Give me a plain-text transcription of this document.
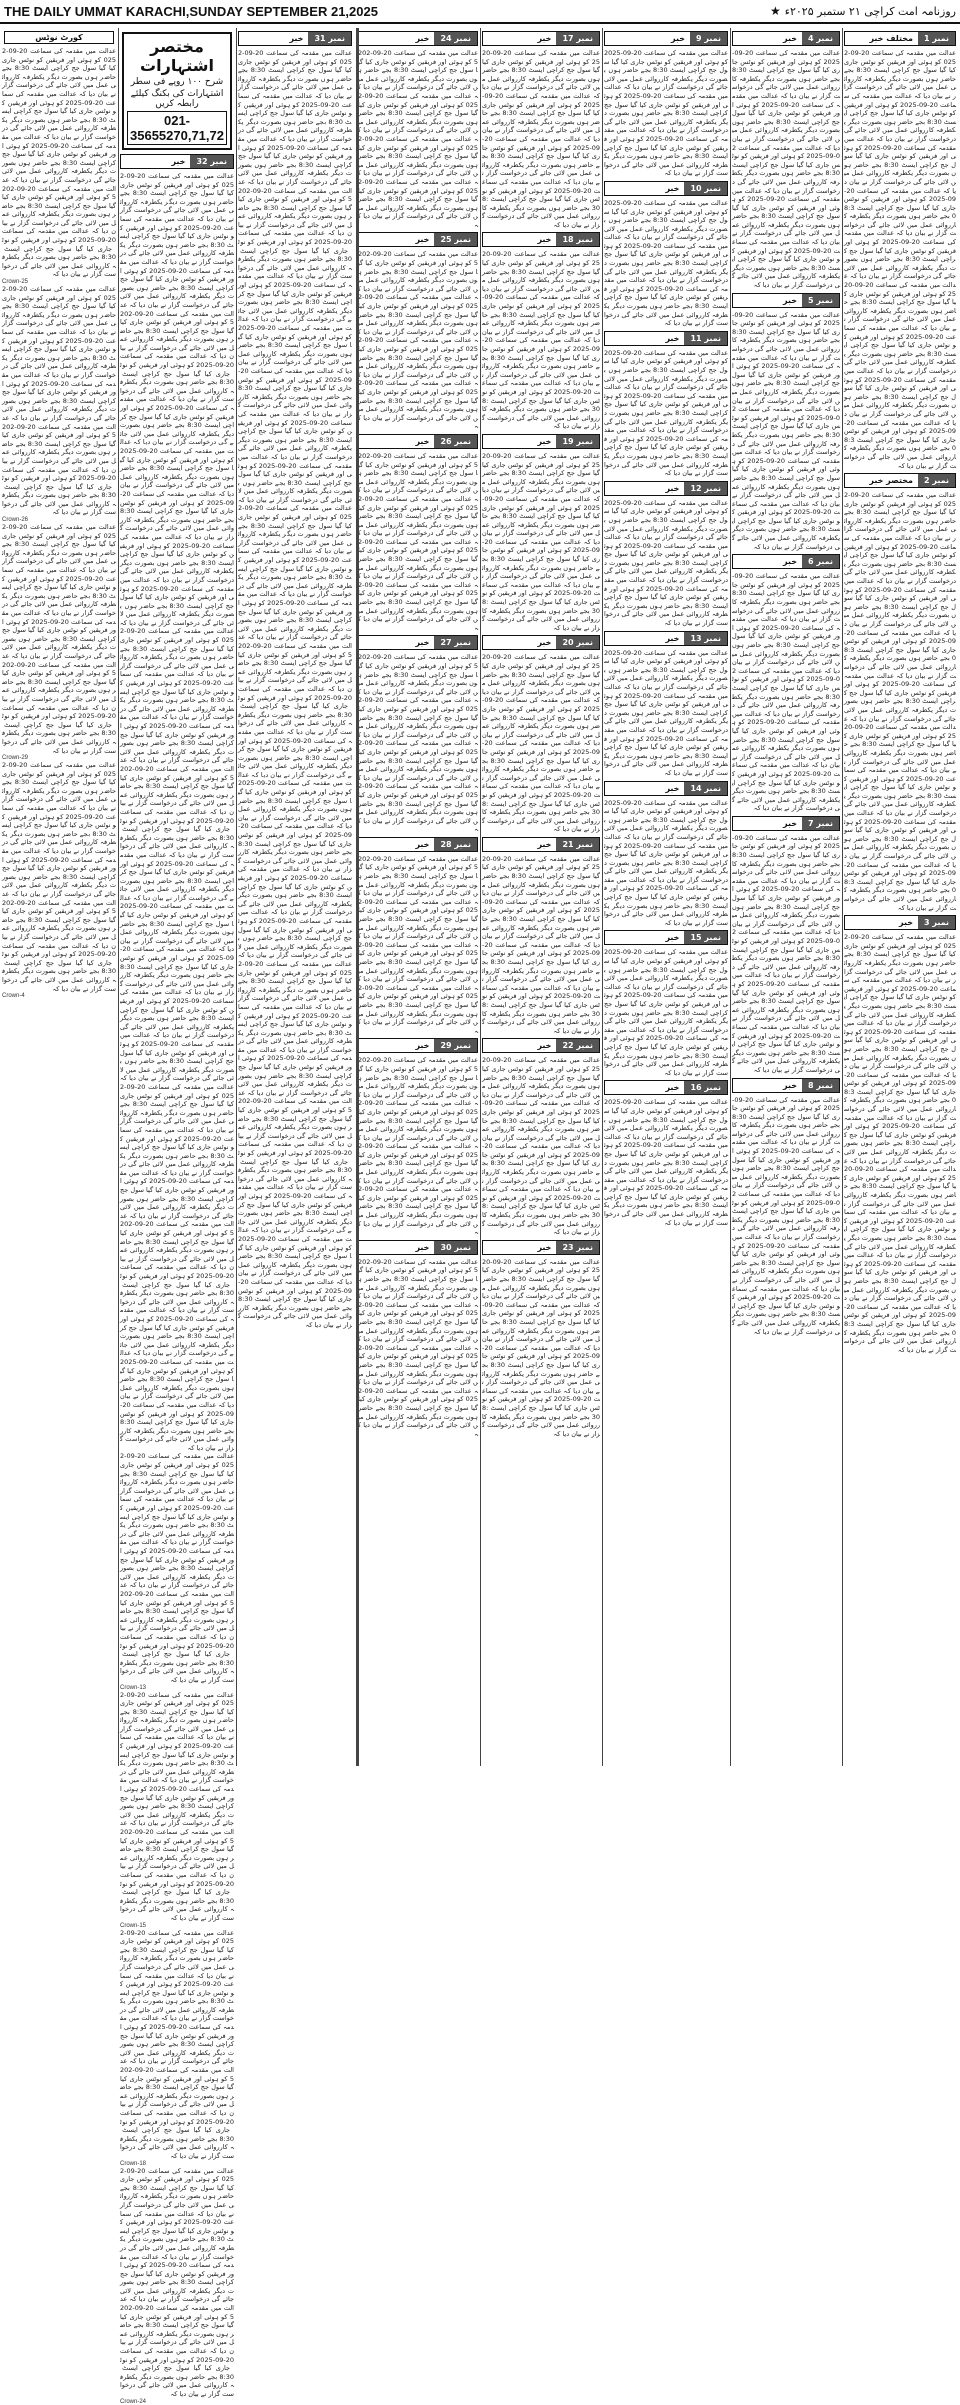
THE DAILY UMMAT KARACHI,SUNDAY SEPTEMBER 21,2025	روزنامہ امت کراچی ۲۱ ستمبر ۲۰۲۵ء
★
نمبر 1
مختلف خبر
عدالت میں مقدمہ کی سماعت 20-09-2025 کو ہوئی اور فریقین کو نوٹس جاری کیا گیا سول جج کراچی ایسٹ 8:30 بجے حاضر ہوں بصورت دیگر یکطرفہ کارروائی عمل میں لائی جائے گی درخواست گزار نے بیان دیا کہ عدالت میں مقدمہ کی سماعت 20-09-2025 کو ہوئی اور فریقین کو نوٹس جاری کیا گیا سول جج کراچی ایسٹ 8:30 بجے حاضر ہوں بصورت دیگر یکطرفہ کارروائی عمل میں لائی جائے گی درخواست گزار نے بیان دیا کہ عدالت میں مقدمہ کی سماعت 20-09-2025 کو ہوئی اور فریقین کو نوٹس جاری کیا گیا سول جج کراچی ایسٹ 8:30 بجے حاضر ہوں بصورت دیگر یکطرفہ کارروائی عمل میں لائی جائے گی درخواست گزار نے بیان دیا کہ عدالت میں مقدمہ کی سماعت 20-09-2025 کو ہوئی اور فریقین کو نوٹس جاری کیا گیا سول جج کراچی ایسٹ 8:30 بجے حاضر ہوں بصورت دیگر یکطرفہ کارروائی عمل میں لائی جائے گی درخواست گزار نے بیان دیا کہ عدالت میں مقدمہ کی سماعت 20-09-2025 کو ہوئی اور فریقین کو نوٹس جاری کیا گیا سول جج کراچی ایسٹ 8:30 بجے حاضر ہوں بصورت دیگر یکطرفہ کارروائی عمل میں لائی جائے گی درخواست گزار نے بیان دیا کہ عدالت میں مقدمہ کی سماعت 20-09-2025 کو ہوئی اور فریقین کو نوٹس جاری کیا گیا سول جج کراچی ایسٹ 8:30 بجے حاضر ہوں بصورت دیگر یکطرفہ کارروائی عمل میں لائی جائے گی درخواست گزار نے بیان دیا کہ عدالت میں مقدمہ کی سماعت 20-09-2025 کو ہوئی اور فریقین کو نوٹس جاری کیا گیا سول جج کراچی ایسٹ 8:30 بجے حاضر ہوں بصورت دیگر یکطرفہ کارروائی عمل میں لائی جائے گی درخواست گزار نے بیان دیا کہ عدالت میں مقدمہ کی سماعت 20-09-2025 کو ہوئی اور فریقین کو نوٹس جاری کیا گیا سول جج کراچی ایسٹ 8:30 بجے حاضر ہوں بصورت دیگر یکطرفہ کارروائی عمل میں لائی جائے گی درخواست گزار نے بیان دیا کہ عدالت میں مقدمہ کی سماعت 20-09-2025 کو ہوئی اور فریقین کو نوٹس جاری کیا گیا سول جج کراچی ایسٹ 8:30 بجے حاضر ہوں بصورت دیگر یکطرفہ کارروائی عمل میں لائی جائے گی درخواست گزار نے بیان دیا کہ
نمبر 2
مختصر خبر
عدالت میں مقدمہ کی سماعت 20-09-2025 کو ہوئی اور فریقین کو نوٹس جاری کیا گیا سول جج کراچی ایسٹ 8:30 بجے حاضر ہوں بصورت دیگر یکطرفہ کارروائی عمل میں لائی جائے گی درخواست گزار نے بیان دیا کہ عدالت میں مقدمہ کی سماعت 20-09-2025 کو ہوئی اور فریقین کو نوٹس جاری کیا گیا سول جج کراچی ایسٹ 8:30 بجے حاضر ہوں بصورت دیگر یکطرفہ کارروائی عمل میں لائی جائے گی درخواست گزار نے بیان دیا کہ عدالت میں مقدمہ کی سماعت 20-09-2025 کو ہوئی اور فریقین کو نوٹس جاری کیا گیا سول جج کراچی ایسٹ 8:30 بجے حاضر ہوں بصورت دیگر یکطرفہ کارروائی عمل میں لائی جائے گی درخواست گزار نے بیان دیا کہ عدالت میں مقدمہ کی سماعت 20-09-2025 کو ہوئی اور فریقین کو نوٹس جاری کیا گیا سول جج کراچی ایسٹ 8:30 بجے حاضر ہوں بصورت دیگر یکطرفہ کارروائی عمل میں لائی جائے گی درخواست گزار نے بیان دیا کہ عدالت میں مقدمہ کی سماعت 20-09-2025 کو ہوئی اور فریقین کو نوٹس جاری کیا گیا سول جج کراچی ایسٹ 8:30 بجے حاضر ہوں بصورت دیگر یکطرفہ کارروائی عمل میں لائی جائے گی درخواست گزار نے بیان دیا کہ عدالت میں مقدمہ کی سماعت 20-09-2025 کو ہوئی اور فریقین کو نوٹس جاری کیا گیا سول جج کراچی ایسٹ 8:30 بجے حاضر ہوں بصورت دیگر یکطرفہ کارروائی عمل میں لائی جائے گی درخواست گزار نے بیان دیا کہ عدالت میں مقدمہ کی سماعت 20-09-2025 کو ہوئی اور فریقین کو نوٹس جاری کیا گیا سول جج کراچی ایسٹ 8:30 بجے حاضر ہوں بصورت دیگر یکطرفہ کارروائی عمل میں لائی جائے گی درخواست گزار نے بیان دیا کہ عدالت میں مقدمہ کی سماعت 20-09-2025 کو ہوئی اور فریقین کو نوٹس جاری کیا گیا سول جج کراچی ایسٹ 8:30 بجے حاضر ہوں بصورت دیگر یکطرفہ کارروائی عمل میں لائی جائے گی درخواست گزار نے بیان دیا کہ عدالت میں مقدمہ کی سماعت 20-09-2025 کو ہوئی اور فریقین کو نوٹس جاری کیا گیا سول جج کراچی ایسٹ 8:30 بجے حاضر ہوں بصورت دیگر یکطرفہ کارروائی عمل میں لائی جائے گی درخواست گزار نے بیان دیا کہ
نمبر 3
خبر
عدالت میں مقدمہ کی سماعت 20-09-2025 کو ہوئی اور فریقین کو نوٹس جاری کیا گیا سول جج کراچی ایسٹ 8:30 بجے حاضر ہوں بصورت دیگر یکطرفہ کارروائی عمل میں لائی جائے گی درخواست گزار نے بیان دیا کہ عدالت میں مقدمہ کی سماعت 20-09-2025 کو ہوئی اور فریقین کو نوٹس جاری کیا گیا سول جج کراچی ایسٹ 8:30 بجے حاضر ہوں بصورت دیگر یکطرفہ کارروائی عمل میں لائی جائے گی درخواست گزار نے بیان دیا کہ عدالت میں مقدمہ کی سماعت 20-09-2025 کو ہوئی اور فریقین کو نوٹس جاری کیا گیا سول جج کراچی ایسٹ 8:30 بجے حاضر ہوں بصورت دیگر یکطرفہ کارروائی عمل میں لائی جائے گی درخواست گزار نے بیان دیا کہ عدالت میں مقدمہ کی سماعت 20-09-2025 کو ہوئی اور فریقین کو نوٹس جاری کیا گیا سول جج کراچی ایسٹ 8:30 بجے حاضر ہوں بصورت دیگر یکطرفہ کارروائی عمل میں لائی جائے گی درخواست گزار نے بیان دیا کہ عدالت میں مقدمہ کی سماعت 20-09-2025 کو ہوئی اور فریقین کو نوٹس جاری کیا گیا سول جج کراچی ایسٹ 8:30 بجے حاضر ہوں بصورت دیگر یکطرفہ کارروائی عمل میں لائی جائے گی درخواست گزار نے بیان دیا کہ عدالت میں مقدمہ کی سماعت 20-09-2025 کو ہوئی اور فریقین کو نوٹس جاری کیا گیا سول جج کراچی ایسٹ 8:30 بجے حاضر ہوں بصورت دیگر یکطرفہ کارروائی عمل میں لائی جائے گی درخواست گزار نے بیان دیا کہ عدالت میں مقدمہ کی سماعت 20-09-2025 کو ہوئی اور فریقین کو نوٹس جاری کیا گیا سول جج کراچی ایسٹ 8:30 بجے حاضر ہوں بصورت دیگر یکطرفہ کارروائی عمل میں لائی جائے گی درخواست گزار نے بیان دیا کہ عدالت میں مقدمہ کی سماعت 20-09-2025 کو ہوئی اور فریقین کو نوٹس جاری کیا گیا سول جج کراچی ایسٹ 8:30 بجے حاضر ہوں بصورت دیگر یکطرفہ کارروائی عمل میں لائی جائے گی درخواست گزار نے بیان دیا کہ عدالت میں مقدمہ کی سماعت 20-09-2025 کو ہوئی اور فریقین کو نوٹس جاری کیا گیا سول جج کراچی ایسٹ 8:30 بجے حاضر ہوں بصورت دیگر یکطرفہ کارروائی عمل میں لائی جائے گی درخواست گزار نے بیان دیا کہ
نمبر 4
خبر
عدالت میں مقدمہ کی سماعت 20-09-2025 کو ہوئی اور فریقین کو نوٹس جاری کیا گیا سول جج کراچی ایسٹ 8:30 بجے حاضر ہوں بصورت دیگر یکطرفہ کارروائی عمل میں لائی جائے گی درخواست گزار نے بیان دیا کہ عدالت میں مقدمہ کی سماعت 20-09-2025 کو ہوئی اور فریقین کو نوٹس جاری کیا گیا سول جج کراچی ایسٹ 8:30 بجے حاضر ہوں بصورت دیگر یکطرفہ کارروائی عمل میں لائی جائے گی درخواست گزار نے بیان دیا کہ عدالت میں مقدمہ کی سماعت 20-09-2025 کو ہوئی اور فریقین کو نوٹس جاری کیا گیا سول جج کراچی ایسٹ 8:30 بجے حاضر ہوں بصورت دیگر یکطرفہ کارروائی عمل میں لائی جائے گی درخواست گزار نے بیان دیا کہ عدالت میں مقدمہ کی سماعت 20-09-2025 کو ہوئی اور فریقین کو نوٹس جاری کیا گیا سول جج کراچی ایسٹ 8:30 بجے حاضر ہوں بصورت دیگر یکطرفہ کارروائی عمل میں لائی جائے گی درخواست گزار نے بیان دیا کہ عدالت میں مقدمہ کی سماعت 20-09-2025 کو ہوئی اور فریقین کو نوٹس جاری کیا گیا سول جج کراچی ایسٹ 8:30 بجے حاضر ہوں بصورت دیگر یکطرفہ کارروائی عمل میں لائی جائے گی درخواست گزار نے بیان دیا کہ
نمبر 5
خبر
عدالت میں مقدمہ کی سماعت 20-09-2025 کو ہوئی اور فریقین کو نوٹس جاری کیا گیا سول جج کراچی ایسٹ 8:30 بجے حاضر ہوں بصورت دیگر یکطرفہ کارروائی عمل میں لائی جائے گی درخواست گزار نے بیان دیا کہ عدالت میں مقدمہ کی سماعت 20-09-2025 کو ہوئی اور فریقین کو نوٹس جاری کیا گیا سول جج کراچی ایسٹ 8:30 بجے حاضر ہوں بصورت دیگر یکطرفہ کارروائی عمل میں لائی جائے گی درخواست گزار نے بیان دیا کہ عدالت میں مقدمہ کی سماعت 20-09-2025 کو ہوئی اور فریقین کو نوٹس جاری کیا گیا سول جج کراچی ایسٹ 8:30 بجے حاضر ہوں بصورت دیگر یکطرفہ کارروائی عمل میں لائی جائے گی درخواست گزار نے بیان دیا کہ عدالت میں مقدمہ کی سماعت 20-09-2025 کو ہوئی اور فریقین کو نوٹس جاری کیا گیا سول جج کراچی ایسٹ 8:30 بجے حاضر ہوں بصورت دیگر یکطرفہ کارروائی عمل میں لائی جائے گی درخواست گزار نے بیان دیا کہ عدالت میں مقدمہ کی سماعت 20-09-2025 کو ہوئی اور فریقین کو نوٹس جاری کیا گیا سول جج کراچی ایسٹ 8:30 بجے حاضر ہوں بصورت دیگر یکطرفہ کارروائی عمل میں لائی جائے گی درخواست گزار نے بیان دیا کہ
نمبر 6
خبر
عدالت میں مقدمہ کی سماعت 20-09-2025 کو ہوئی اور فریقین کو نوٹس جاری کیا گیا سول جج کراچی ایسٹ 8:30 بجے حاضر ہوں بصورت دیگر یکطرفہ کارروائی عمل میں لائی جائے گی درخواست گزار نے بیان دیا کہ عدالت میں مقدمہ کی سماعت 20-09-2025 کو ہوئی اور فریقین کو نوٹس جاری کیا گیا سول جج کراچی ایسٹ 8:30 بجے حاضر ہوں بصورت دیگر یکطرفہ کارروائی عمل میں لائی جائے گی درخواست گزار نے بیان دیا کہ عدالت میں مقدمہ کی سماعت 20-09-2025 کو ہوئی اور فریقین کو نوٹس جاری کیا گیا سول جج کراچی ایسٹ 8:30 بجے حاضر ہوں بصورت دیگر یکطرفہ کارروائی عمل میں لائی جائے گی درخواست گزار نے بیان دیا کہ عدالت میں مقدمہ کی سماعت 20-09-2025 کو ہوئی اور فریقین کو نوٹس جاری کیا گیا سول جج کراچی ایسٹ 8:30 بجے حاضر ہوں بصورت دیگر یکطرفہ کارروائی عمل میں لائی جائے گی درخواست گزار نے بیان دیا کہ عدالت میں مقدمہ کی سماعت 20-09-2025 کو ہوئی اور فریقین کو نوٹس جاری کیا گیا سول جج کراچی ایسٹ 8:30 بجے حاضر ہوں بصورت دیگر یکطرفہ کارروائی عمل میں لائی جائے گی درخواست گزار نے بیان دیا کہ
نمبر 7
خبر
عدالت میں مقدمہ کی سماعت 20-09-2025 کو ہوئی اور فریقین کو نوٹس جاری کیا گیا سول جج کراچی ایسٹ 8:30 بجے حاضر ہوں بصورت دیگر یکطرفہ کارروائی عمل میں لائی جائے گی درخواست گزار نے بیان دیا کہ عدالت میں مقدمہ کی سماعت 20-09-2025 کو ہوئی اور فریقین کو نوٹس جاری کیا گیا سول جج کراچی ایسٹ 8:30 بجے حاضر ہوں بصورت دیگر یکطرفہ کارروائی عمل میں لائی جائے گی درخواست گزار نے بیان دیا کہ عدالت میں مقدمہ کی سماعت 20-09-2025 کو ہوئی اور فریقین کو نوٹس جاری کیا گیا سول جج کراچی ایسٹ 8:30 بجے حاضر ہوں بصورت دیگر یکطرفہ کارروائی عمل میں لائی جائے گی درخواست گزار نے بیان دیا کہ عدالت میں مقدمہ کی سماعت 20-09-2025 کو ہوئی اور فریقین کو نوٹس جاری کیا گیا سول جج کراچی ایسٹ 8:30 بجے حاضر ہوں بصورت دیگر یکطرفہ کارروائی عمل میں لائی جائے گی درخواست گزار نے بیان دیا کہ عدالت میں مقدمہ کی سماعت 20-09-2025 کو ہوئی اور فریقین کو نوٹس جاری کیا گیا سول جج کراچی ایسٹ 8:30 بجے حاضر ہوں بصورت دیگر یکطرفہ کارروائی عمل میں لائی جائے گی درخواست گزار نے بیان دیا کہ
نمبر 8
خبر
عدالت میں مقدمہ کی سماعت 20-09-2025 کو ہوئی اور فریقین کو نوٹس جاری کیا گیا سول جج کراچی ایسٹ 8:30 بجے حاضر ہوں بصورت دیگر یکطرفہ کارروائی عمل میں لائی جائے گی درخواست گزار نے بیان دیا کہ عدالت میں مقدمہ کی سماعت 20-09-2025 کو ہوئی اور فریقین کو نوٹس جاری کیا گیا سول جج کراچی ایسٹ 8:30 بجے حاضر ہوں بصورت دیگر یکطرفہ کارروائی عمل میں لائی جائے گی درخواست گزار نے بیان دیا کہ عدالت میں مقدمہ کی سماعت 20-09-2025 کو ہوئی اور فریقین کو نوٹس جاری کیا گیا سول جج کراچی ایسٹ 8:30 بجے حاضر ہوں بصورت دیگر یکطرفہ کارروائی عمل میں لائی جائے گی درخواست گزار نے بیان دیا کہ عدالت میں مقدمہ کی سماعت 20-09-2025 کو ہوئی اور فریقین کو نوٹس جاری کیا گیا سول جج کراچی ایسٹ 8:30 بجے حاضر ہوں بصورت دیگر یکطرفہ کارروائی عمل میں لائی جائے گی درخواست گزار نے بیان دیا کہ عدالت میں مقدمہ کی سماعت 20-09-2025 کو ہوئی اور فریقین کو نوٹس جاری کیا گیا سول جج کراچی ایسٹ 8:30 بجے حاضر ہوں بصورت دیگر یکطرفہ کارروائی عمل میں لائی جائے گی درخواست گزار نے بیان دیا کہ
نمبر 9
خبر
عدالت میں مقدمہ کی سماعت 20-09-2025 کو ہوئی اور فریقین کو نوٹس جاری کیا گیا سول جج کراچی ایسٹ 8:30 بجے حاضر ہوں بصورت دیگر یکطرفہ کارروائی عمل میں لائی جائے گی درخواست گزار نے بیان دیا کہ عدالت میں مقدمہ کی سماعت 20-09-2025 کو ہوئی اور فریقین کو نوٹس جاری کیا گیا سول جج کراچی ایسٹ 8:30 بجے حاضر ہوں بصورت دیگر یکطرفہ کارروائی عمل میں لائی جائے گی درخواست گزار نے بیان دیا کہ عدالت میں مقدمہ کی سماعت 20-09-2025 کو ہوئی اور فریقین کو نوٹس جاری کیا گیا سول جج کراچی ایسٹ 8:30 بجے حاضر ہوں بصورت دیگر یکطرفہ کارروائی عمل میں لائی جائے گی درخواست گزار نے بیان دیا کہ
نمبر 10
خبر
عدالت میں مقدمہ کی سماعت 20-09-2025 کو ہوئی اور فریقین کو نوٹس جاری کیا گیا سول جج کراچی ایسٹ 8:30 بجے حاضر ہوں بصورت دیگر یکطرفہ کارروائی عمل میں لائی جائے گی درخواست گزار نے بیان دیا کہ عدالت میں مقدمہ کی سماعت 20-09-2025 کو ہوئی اور فریقین کو نوٹس جاری کیا گیا سول جج کراچی ایسٹ 8:30 بجے حاضر ہوں بصورت دیگر یکطرفہ کارروائی عمل میں لائی جائے گی درخواست گزار نے بیان دیا کہ عدالت میں مقدمہ کی سماعت 20-09-2025 کو ہوئی اور فریقین کو نوٹس جاری کیا گیا سول جج کراچی ایسٹ 8:30 بجے حاضر ہوں بصورت دیگر یکطرفہ کارروائی عمل میں لائی جائے گی درخواست گزار نے بیان دیا کہ
نمبر 11
خبر
عدالت میں مقدمہ کی سماعت 20-09-2025 کو ہوئی اور فریقین کو نوٹس جاری کیا گیا سول جج کراچی ایسٹ 8:30 بجے حاضر ہوں بصورت دیگر یکطرفہ کارروائی عمل میں لائی جائے گی درخواست گزار نے بیان دیا کہ عدالت میں مقدمہ کی سماعت 20-09-2025 کو ہوئی اور فریقین کو نوٹس جاری کیا گیا سول جج کراچی ایسٹ 8:30 بجے حاضر ہوں بصورت دیگر یکطرفہ کارروائی عمل میں لائی جائے گی درخواست گزار نے بیان دیا کہ عدالت میں مقدمہ کی سماعت 20-09-2025 کو ہوئی اور فریقین کو نوٹس جاری کیا گیا سول جج کراچی ایسٹ 8:30 بجے حاضر ہوں بصورت دیگر یکطرفہ کارروائی عمل میں لائی جائے گی درخواست گزار نے بیان دیا کہ
نمبر 12
خبر
عدالت میں مقدمہ کی سماعت 20-09-2025 کو ہوئی اور فریقین کو نوٹس جاری کیا گیا سول جج کراچی ایسٹ 8:30 بجے حاضر ہوں بصورت دیگر یکطرفہ کارروائی عمل میں لائی جائے گی درخواست گزار نے بیان دیا کہ عدالت میں مقدمہ کی سماعت 20-09-2025 کو ہوئی اور فریقین کو نوٹس جاری کیا گیا سول جج کراچی ایسٹ 8:30 بجے حاضر ہوں بصورت دیگر یکطرفہ کارروائی عمل میں لائی جائے گی درخواست گزار نے بیان دیا کہ عدالت میں مقدمہ کی سماعت 20-09-2025 کو ہوئی اور فریقین کو نوٹس جاری کیا گیا سول جج کراچی ایسٹ 8:30 بجے حاضر ہوں بصورت دیگر یکطرفہ کارروائی عمل میں لائی جائے گی درخواست گزار نے بیان دیا کہ
نمبر 13
خبر
عدالت میں مقدمہ کی سماعت 20-09-2025 کو ہوئی اور فریقین کو نوٹس جاری کیا گیا سول جج کراچی ایسٹ 8:30 بجے حاضر ہوں بصورت دیگر یکطرفہ کارروائی عمل میں لائی جائے گی درخواست گزار نے بیان دیا کہ عدالت میں مقدمہ کی سماعت 20-09-2025 کو ہوئی اور فریقین کو نوٹس جاری کیا گیا سول جج کراچی ایسٹ 8:30 بجے حاضر ہوں بصورت دیگر یکطرفہ کارروائی عمل میں لائی جائے گی درخواست گزار نے بیان دیا کہ عدالت میں مقدمہ کی سماعت 20-09-2025 کو ہوئی اور فریقین کو نوٹس جاری کیا گیا سول جج کراچی ایسٹ 8:30 بجے حاضر ہوں بصورت دیگر یکطرفہ کارروائی عمل میں لائی جائے گی درخواست گزار نے بیان دیا کہ
نمبر 14
خبر
عدالت میں مقدمہ کی سماعت 20-09-2025 کو ہوئی اور فریقین کو نوٹس جاری کیا گیا سول جج کراچی ایسٹ 8:30 بجے حاضر ہوں بصورت دیگر یکطرفہ کارروائی عمل میں لائی جائے گی درخواست گزار نے بیان دیا کہ عدالت میں مقدمہ کی سماعت 20-09-2025 کو ہوئی اور فریقین کو نوٹس جاری کیا گیا سول جج کراچی ایسٹ 8:30 بجے حاضر ہوں بصورت دیگر یکطرفہ کارروائی عمل میں لائی جائے گی درخواست گزار نے بیان دیا کہ عدالت میں مقدمہ کی سماعت 20-09-2025 کو ہوئی اور فریقین کو نوٹس جاری کیا گیا سول جج کراچی ایسٹ 8:30 بجے حاضر ہوں بصورت دیگر یکطرفہ کارروائی عمل میں لائی جائے گی درخواست گزار نے بیان دیا کہ
نمبر 15
خبر
عدالت میں مقدمہ کی سماعت 20-09-2025 کو ہوئی اور فریقین کو نوٹس جاری کیا گیا سول جج کراچی ایسٹ 8:30 بجے حاضر ہوں بصورت دیگر یکطرفہ کارروائی عمل میں لائی جائے گی درخواست گزار نے بیان دیا کہ عدالت میں مقدمہ کی سماعت 20-09-2025 کو ہوئی اور فریقین کو نوٹس جاری کیا گیا سول جج کراچی ایسٹ 8:30 بجے حاضر ہوں بصورت دیگر یکطرفہ کارروائی عمل میں لائی جائے گی درخواست گزار نے بیان دیا کہ عدالت میں مقدمہ کی سماعت 20-09-2025 کو ہوئی اور فریقین کو نوٹس جاری کیا گیا سول جج کراچی ایسٹ 8:30 بجے حاضر ہوں بصورت دیگر یکطرفہ کارروائی عمل میں لائی جائے گی درخواست گزار نے بیان دیا کہ
نمبر 16
خبر
عدالت میں مقدمہ کی سماعت 20-09-2025 کو ہوئی اور فریقین کو نوٹس جاری کیا گیا سول جج کراچی ایسٹ 8:30 بجے حاضر ہوں بصورت دیگر یکطرفہ کارروائی عمل میں لائی جائے گی درخواست گزار نے بیان دیا کہ عدالت میں مقدمہ کی سماعت 20-09-2025 کو ہوئی اور فریقین کو نوٹس جاری کیا گیا سول جج کراچی ایسٹ 8:30 بجے حاضر ہوں بصورت دیگر یکطرفہ کارروائی عمل میں لائی جائے گی درخواست گزار نے بیان دیا کہ عدالت میں مقدمہ کی سماعت 20-09-2025 کو ہوئی اور فریقین کو نوٹس جاری کیا گیا سول جج کراچی ایسٹ 8:30 بجے حاضر ہوں بصورت دیگر یکطرفہ کارروائی عمل میں لائی جائے گی درخواست گزار نے بیان دیا کہ
نمبر 17
خبر
عدالت میں مقدمہ کی سماعت 20-09-2025 کو ہوئی اور فریقین کو نوٹس جاری کیا گیا سول جج کراچی ایسٹ 8:30 بجے حاضر ہوں بصورت دیگر یکطرفہ کارروائی عمل میں لائی جائے گی درخواست گزار نے بیان دیا کہ عدالت میں مقدمہ کی سماعت 20-09-2025 کو ہوئی اور فریقین کو نوٹس جاری کیا گیا سول جج کراچی ایسٹ 8:30 بجے حاضر ہوں بصورت دیگر یکطرفہ کارروائی عمل میں لائی جائے گی درخواست گزار نے بیان دیا کہ عدالت میں مقدمہ کی سماعت 20-09-2025 کو ہوئی اور فریقین کو نوٹس جاری کیا گیا سول جج کراچی ایسٹ 8:30 بجے حاضر ہوں بصورت دیگر یکطرفہ کارروائی عمل میں لائی جائے گی درخواست گزار نے بیان دیا کہ عدالت میں مقدمہ کی سماعت 20-09-2025 کو ہوئی اور فریقین کو نوٹس جاری کیا گیا سول جج کراچی ایسٹ 8:30 بجے حاضر ہوں بصورت دیگر یکطرفہ کارروائی عمل میں لائی جائے گی درخواست گزار نے بیان دیا کہ
نمبر 18
خبر
عدالت میں مقدمہ کی سماعت 20-09-2025 کو ہوئی اور فریقین کو نوٹس جاری کیا گیا سول جج کراچی ایسٹ 8:30 بجے حاضر ہوں بصورت دیگر یکطرفہ کارروائی عمل میں لائی جائے گی درخواست گزار نے بیان دیا کہ عدالت میں مقدمہ کی سماعت 20-09-2025 کو ہوئی اور فریقین کو نوٹس جاری کیا گیا سول جج کراچی ایسٹ 8:30 بجے حاضر ہوں بصورت دیگر یکطرفہ کارروائی عمل میں لائی جائے گی درخواست گزار نے بیان دیا کہ عدالت میں مقدمہ کی سماعت 20-09-2025 کو ہوئی اور فریقین کو نوٹس جاری کیا گیا سول جج کراچی ایسٹ 8:30 بجے حاضر ہوں بصورت دیگر یکطرفہ کارروائی عمل میں لائی جائے گی درخواست گزار نے بیان دیا کہ عدالت میں مقدمہ کی سماعت 20-09-2025 کو ہوئی اور فریقین کو نوٹس جاری کیا گیا سول جج کراچی ایسٹ 8:30 بجے حاضر ہوں بصورت دیگر یکطرفہ کارروائی عمل میں لائی جائے گی درخواست گزار نے بیان دیا کہ
نمبر 19
خبر
عدالت میں مقدمہ کی سماعت 20-09-2025 کو ہوئی اور فریقین کو نوٹس جاری کیا گیا سول جج کراچی ایسٹ 8:30 بجے حاضر ہوں بصورت دیگر یکطرفہ کارروائی عمل میں لائی جائے گی درخواست گزار نے بیان دیا کہ عدالت میں مقدمہ کی سماعت 20-09-2025 کو ہوئی اور فریقین کو نوٹس جاری کیا گیا سول جج کراچی ایسٹ 8:30 بجے حاضر ہوں بصورت دیگر یکطرفہ کارروائی عمل میں لائی جائے گی درخواست گزار نے بیان دیا کہ عدالت میں مقدمہ کی سماعت 20-09-2025 کو ہوئی اور فریقین کو نوٹس جاری کیا گیا سول جج کراچی ایسٹ 8:30 بجے حاضر ہوں بصورت دیگر یکطرفہ کارروائی عمل میں لائی جائے گی درخواست گزار نے بیان دیا کہ عدالت میں مقدمہ کی سماعت 20-09-2025 کو ہوئی اور فریقین کو نوٹس جاری کیا گیا سول جج کراچی ایسٹ 8:30 بجے حاضر ہوں بصورت دیگر یکطرفہ کارروائی عمل میں لائی جائے گی درخواست گزار نے بیان دیا کہ
نمبر 20
خبر
عدالت میں مقدمہ کی سماعت 20-09-2025 کو ہوئی اور فریقین کو نوٹس جاری کیا گیا سول جج کراچی ایسٹ 8:30 بجے حاضر ہوں بصورت دیگر یکطرفہ کارروائی عمل میں لائی جائے گی درخواست گزار نے بیان دیا کہ عدالت میں مقدمہ کی سماعت 20-09-2025 کو ہوئی اور فریقین کو نوٹس جاری کیا گیا سول جج کراچی ایسٹ 8:30 بجے حاضر ہوں بصورت دیگر یکطرفہ کارروائی عمل میں لائی جائے گی درخواست گزار نے بیان دیا کہ عدالت میں مقدمہ کی سماعت 20-09-2025 کو ہوئی اور فریقین کو نوٹس جاری کیا گیا سول جج کراچی ایسٹ 8:30 بجے حاضر ہوں بصورت دیگر یکطرفہ کارروائی عمل میں لائی جائے گی درخواست گزار نے بیان دیا کہ عدالت میں مقدمہ کی سماعت 20-09-2025 کو ہوئی اور فریقین کو نوٹس جاری کیا گیا سول جج کراچی ایسٹ 8:30 بجے حاضر ہوں بصورت دیگر یکطرفہ کارروائی عمل میں لائی جائے گی درخواست گزار نے بیان دیا کہ
نمبر 21
خبر
عدالت میں مقدمہ کی سماعت 20-09-2025 کو ہوئی اور فریقین کو نوٹس جاری کیا گیا سول جج کراچی ایسٹ 8:30 بجے حاضر ہوں بصورت دیگر یکطرفہ کارروائی عمل میں لائی جائے گی درخواست گزار نے بیان دیا کہ عدالت میں مقدمہ کی سماعت 20-09-2025 کو ہوئی اور فریقین کو نوٹس جاری کیا گیا سول جج کراچی ایسٹ 8:30 بجے حاضر ہوں بصورت دیگر یکطرفہ کارروائی عمل میں لائی جائے گی درخواست گزار نے بیان دیا کہ عدالت میں مقدمہ کی سماعت 20-09-2025 کو ہوئی اور فریقین کو نوٹس جاری کیا گیا سول جج کراچی ایسٹ 8:30 بجے حاضر ہوں بصورت دیگر یکطرفہ کارروائی عمل میں لائی جائے گی درخواست گزار نے بیان دیا کہ عدالت میں مقدمہ کی سماعت 20-09-2025 کو ہوئی اور فریقین کو نوٹس جاری کیا گیا سول جج کراچی ایسٹ 8:30 بجے حاضر ہوں بصورت دیگر یکطرفہ کارروائی عمل میں لائی جائے گی درخواست گزار نے بیان دیا کہ
نمبر 22
خبر
عدالت میں مقدمہ کی سماعت 20-09-2025 کو ہوئی اور فریقین کو نوٹس جاری کیا گیا سول جج کراچی ایسٹ 8:30 بجے حاضر ہوں بصورت دیگر یکطرفہ کارروائی عمل میں لائی جائے گی درخواست گزار نے بیان دیا کہ عدالت میں مقدمہ کی سماعت 20-09-2025 کو ہوئی اور فریقین کو نوٹس جاری کیا گیا سول جج کراچی ایسٹ 8:30 بجے حاضر ہوں بصورت دیگر یکطرفہ کارروائی عمل میں لائی جائے گی درخواست گزار نے بیان دیا کہ عدالت میں مقدمہ کی سماعت 20-09-2025 کو ہوئی اور فریقین کو نوٹس جاری کیا گیا سول جج کراچی ایسٹ 8:30 بجے حاضر ہوں بصورت دیگر یکطرفہ کارروائی عمل میں لائی جائے گی درخواست گزار نے بیان دیا کہ عدالت میں مقدمہ کی سماعت 20-09-2025 کو ہوئی اور فریقین کو نوٹس جاری کیا گیا سول جج کراچی ایسٹ 8:30 بجے حاضر ہوں بصورت دیگر یکطرفہ کارروائی عمل میں لائی جائے گی درخواست گزار نے بیان دیا کہ
نمبر 23
خبر
عدالت میں مقدمہ کی سماعت 20-09-2025 کو ہوئی اور فریقین کو نوٹس جاری کیا گیا سول جج کراچی ایسٹ 8:30 بجے حاضر ہوں بصورت دیگر یکطرفہ کارروائی عمل میں لائی جائے گی درخواست گزار نے بیان دیا کہ عدالت میں مقدمہ کی سماعت 20-09-2025 کو ہوئی اور فریقین کو نوٹس جاری کیا گیا سول جج کراچی ایسٹ 8:30 بجے حاضر ہوں بصورت دیگر یکطرفہ کارروائی عمل میں لائی جائے گی درخواست گزار نے بیان دیا کہ عدالت میں مقدمہ کی سماعت 20-09-2025 کو ہوئی اور فریقین کو نوٹس جاری کیا گیا سول جج کراچی ایسٹ 8:30 بجے حاضر ہوں بصورت دیگر یکطرفہ کارروائی عمل میں لائی جائے گی درخواست گزار نے بیان دیا کہ عدالت میں مقدمہ کی سماعت 20-09-2025 کو ہوئی اور فریقین کو نوٹس جاری کیا گیا سول جج کراچی ایسٹ 8:30 بجے حاضر ہوں بصورت دیگر یکطرفہ کارروائی عمل میں لائی جائے گی درخواست گزار نے بیان دیا کہ
نمبر 24
خبر
عدالت میں مقدمہ کی سماعت 20-09-2025 کو ہوئی اور فریقین کو نوٹس جاری کیا گیا سول جج کراچی ایسٹ 8:30 بجے حاضر ہوں بصورت دیگر یکطرفہ کارروائی عمل میں لائی جائے گی درخواست گزار نے بیان دیا کہ عدالت میں مقدمہ کی سماعت 20-09-2025 کو ہوئی اور فریقین کو نوٹس جاری کیا گیا سول جج کراچی ایسٹ 8:30 بجے حاضر ہوں بصورت دیگر یکطرفہ کارروائی عمل میں لائی جائے گی درخواست گزار نے بیان دیا کہ عدالت میں مقدمہ کی سماعت 20-09-2025 کو ہوئی اور فریقین کو نوٹس جاری کیا گیا سول جج کراچی ایسٹ 8:30 بجے حاضر ہوں بصورت دیگر یکطرفہ کارروائی عمل میں لائی جائے گی درخواست گزار نے بیان دیا کہ عدالت میں مقدمہ کی سماعت 20-09-2025 کو ہوئی اور فریقین کو نوٹس جاری کیا گیا سول جج کراچی ایسٹ 8:30 بجے حاضر ہوں بصورت دیگر یکطرفہ کارروائی عمل میں لائی جائے گی درخواست گزار نے بیان دیا کہ
نمبر 25
خبر
عدالت میں مقدمہ کی سماعت 20-09-2025 کو ہوئی اور فریقین کو نوٹس جاری کیا گیا سول جج کراچی ایسٹ 8:30 بجے حاضر ہوں بصورت دیگر یکطرفہ کارروائی عمل میں لائی جائے گی درخواست گزار نے بیان دیا کہ عدالت میں مقدمہ کی سماعت 20-09-2025 کو ہوئی اور فریقین کو نوٹس جاری کیا گیا سول جج کراچی ایسٹ 8:30 بجے حاضر ہوں بصورت دیگر یکطرفہ کارروائی عمل میں لائی جائے گی درخواست گزار نے بیان دیا کہ عدالت میں مقدمہ کی سماعت 20-09-2025 کو ہوئی اور فریقین کو نوٹس جاری کیا گیا سول جج کراچی ایسٹ 8:30 بجے حاضر ہوں بصورت دیگر یکطرفہ کارروائی عمل میں لائی جائے گی درخواست گزار نے بیان دیا کہ عدالت میں مقدمہ کی سماعت 20-09-2025 کو ہوئی اور فریقین کو نوٹس جاری کیا گیا سول جج کراچی ایسٹ 8:30 بجے حاضر ہوں بصورت دیگر یکطرفہ کارروائی عمل میں لائی جائے گی درخواست گزار نے بیان دیا کہ
نمبر 26
خبر
عدالت میں مقدمہ کی سماعت 20-09-2025 کو ہوئی اور فریقین کو نوٹس جاری کیا گیا سول جج کراچی ایسٹ 8:30 بجے حاضر ہوں بصورت دیگر یکطرفہ کارروائی عمل میں لائی جائے گی درخواست گزار نے بیان دیا کہ عدالت میں مقدمہ کی سماعت 20-09-2025 کو ہوئی اور فریقین کو نوٹس جاری کیا گیا سول جج کراچی ایسٹ 8:30 بجے حاضر ہوں بصورت دیگر یکطرفہ کارروائی عمل میں لائی جائے گی درخواست گزار نے بیان دیا کہ عدالت میں مقدمہ کی سماعت 20-09-2025 کو ہوئی اور فریقین کو نوٹس جاری کیا گیا سول جج کراچی ایسٹ 8:30 بجے حاضر ہوں بصورت دیگر یکطرفہ کارروائی عمل میں لائی جائے گی درخواست گزار نے بیان دیا کہ عدالت میں مقدمہ کی سماعت 20-09-2025 کو ہوئی اور فریقین کو نوٹس جاری کیا گیا سول جج کراچی ایسٹ 8:30 بجے حاضر ہوں بصورت دیگر یکطرفہ کارروائی عمل میں لائی جائے گی درخواست گزار نے بیان دیا کہ
نمبر 27
خبر
عدالت میں مقدمہ کی سماعت 20-09-2025 کو ہوئی اور فریقین کو نوٹس جاری کیا گیا سول جج کراچی ایسٹ 8:30 بجے حاضر ہوں بصورت دیگر یکطرفہ کارروائی عمل میں لائی جائے گی درخواست گزار نے بیان دیا کہ عدالت میں مقدمہ کی سماعت 20-09-2025 کو ہوئی اور فریقین کو نوٹس جاری کیا گیا سول جج کراچی ایسٹ 8:30 بجے حاضر ہوں بصورت دیگر یکطرفہ کارروائی عمل میں لائی جائے گی درخواست گزار نے بیان دیا کہ عدالت میں مقدمہ کی سماعت 20-09-2025 کو ہوئی اور فریقین کو نوٹس جاری کیا گیا سول جج کراچی ایسٹ 8:30 بجے حاضر ہوں بصورت دیگر یکطرفہ کارروائی عمل میں لائی جائے گی درخواست گزار نے بیان دیا کہ عدالت میں مقدمہ کی سماعت 20-09-2025 کو ہوئی اور فریقین کو نوٹس جاری کیا گیا سول جج کراچی ایسٹ 8:30 بجے حاضر ہوں بصورت دیگر یکطرفہ کارروائی عمل میں لائی جائے گی درخواست گزار نے بیان دیا کہ
نمبر 28
خبر
عدالت میں مقدمہ کی سماعت 20-09-2025 کو ہوئی اور فریقین کو نوٹس جاری کیا گیا سول جج کراچی ایسٹ 8:30 بجے حاضر ہوں بصورت دیگر یکطرفہ کارروائی عمل میں لائی جائے گی درخواست گزار نے بیان دیا کہ عدالت میں مقدمہ کی سماعت 20-09-2025 کو ہوئی اور فریقین کو نوٹس جاری کیا گیا سول جج کراچی ایسٹ 8:30 بجے حاضر ہوں بصورت دیگر یکطرفہ کارروائی عمل میں لائی جائے گی درخواست گزار نے بیان دیا کہ عدالت میں مقدمہ کی سماعت 20-09-2025 کو ہوئی اور فریقین کو نوٹس جاری کیا گیا سول جج کراچی ایسٹ 8:30 بجے حاضر ہوں بصورت دیگر یکطرفہ کارروائی عمل میں لائی جائے گی درخواست گزار نے بیان دیا کہ عدالت میں مقدمہ کی سماعت 20-09-2025 کو ہوئی اور فریقین کو نوٹس جاری کیا گیا سول جج کراچی ایسٹ 8:30 بجے حاضر ہوں بصورت دیگر یکطرفہ کارروائی عمل میں لائی جائے گی درخواست گزار نے بیان دیا کہ
نمبر 29
خبر
عدالت میں مقدمہ کی سماعت 20-09-2025 کو ہوئی اور فریقین کو نوٹس جاری کیا گیا سول جج کراچی ایسٹ 8:30 بجے حاضر ہوں بصورت دیگر یکطرفہ کارروائی عمل میں لائی جائے گی درخواست گزار نے بیان دیا کہ عدالت میں مقدمہ کی سماعت 20-09-2025 کو ہوئی اور فریقین کو نوٹس جاری کیا گیا سول جج کراچی ایسٹ 8:30 بجے حاضر ہوں بصورت دیگر یکطرفہ کارروائی عمل میں لائی جائے گی درخواست گزار نے بیان دیا کہ عدالت میں مقدمہ کی سماعت 20-09-2025 کو ہوئی اور فریقین کو نوٹس جاری کیا گیا سول جج کراچی ایسٹ 8:30 بجے حاضر ہوں بصورت دیگر یکطرفہ کارروائی عمل میں لائی جائے گی درخواست گزار نے بیان دیا کہ عدالت میں مقدمہ کی سماعت 20-09-2025 کو ہوئی اور فریقین کو نوٹس جاری کیا گیا سول جج کراچی ایسٹ 8:30 بجے حاضر ہوں بصورت دیگر یکطرفہ کارروائی عمل میں لائی جائے گی درخواست گزار نے بیان دیا کہ
نمبر 30
خبر
عدالت میں مقدمہ کی سماعت 20-09-2025 کو ہوئی اور فریقین کو نوٹس جاری کیا گیا سول جج کراچی ایسٹ 8:30 بجے حاضر ہوں بصورت دیگر یکطرفہ کارروائی عمل میں لائی جائے گی درخواست گزار نے بیان دیا کہ عدالت میں مقدمہ کی سماعت 20-09-2025 کو ہوئی اور فریقین کو نوٹس جاری کیا گیا سول جج کراچی ایسٹ 8:30 بجے حاضر ہوں بصورت دیگر یکطرفہ کارروائی عمل میں لائی جائے گی درخواست گزار نے بیان دیا کہ عدالت میں مقدمہ کی سماعت 20-09-2025 کو ہوئی اور فریقین کو نوٹس جاری کیا گیا سول جج کراچی ایسٹ 8:30 بجے حاضر ہوں بصورت دیگر یکطرفہ کارروائی عمل میں لائی جائے گی درخواست گزار نے بیان دیا کہ عدالت میں مقدمہ کی سماعت 20-09-2025 کو ہوئی اور فریقین کو نوٹس جاری کیا گیا سول جج کراچی ایسٹ 8:30 بجے حاضر ہوں بصورت دیگر یکطرفہ کارروائی عمل میں لائی جائے گی درخواست گزار نے بیان دیا کہ
نمبر 31
خبر
عدالت میں مقدمہ کی سماعت 20-09-2025 کو ہوئی اور فریقین کو نوٹس جاری کیا گیا سول جج کراچی ایسٹ 8:30 بجے حاضر ہوں بصورت دیگر یکطرفہ کارروائی عمل میں لائی جائے گی درخواست گزار نے بیان دیا کہ عدالت میں مقدمہ کی سماعت 20-09-2025 کو ہوئی اور فریقین کو نوٹس جاری کیا گیا سول جج کراچی ایسٹ 8:30 بجے حاضر ہوں بصورت دیگر یکطرفہ کارروائی عمل میں لائی جائے گی درخواست گزار نے بیان دیا کہ عدالت میں مقدمہ کی سماعت 20-09-2025 کو ہوئی اور فریقین کو نوٹس جاری کیا گیا سول جج کراچی ایسٹ 8:30 بجے حاضر ہوں بصورت دیگر یکطرفہ کارروائی عمل میں لائی جائے گی درخواست گزار نے بیان دیا کہ عدالت میں مقدمہ کی سماعت 20-09-2025 کو ہوئی اور فریقین کو نوٹس جاری کیا گیا سول جج کراچی ایسٹ 8:30 بجے حاضر ہوں بصورت دیگر یکطرفہ کارروائی عمل میں لائی جائے گی درخواست گزار نے بیان دیا کہ عدالت میں مقدمہ کی سماعت 20-09-2025 کو ہوئی اور فریقین کو نوٹس جاری کیا گیا سول جج کراچی ایسٹ 8:30 بجے حاضر ہوں بصورت دیگر یکطرفہ کارروائی عمل میں لائی جائے گی درخواست گزار نے بیان دیا کہ عدالت میں مقدمہ کی سماعت 20-09-2025 کو ہوئی اور فریقین کو نوٹس جاری کیا گیا سول جج کراچی ایسٹ 8:30 بجے حاضر ہوں بصورت دیگر یکطرفہ کارروائی عمل میں لائی جائے گی درخواست گزار نے بیان دیا کہ عدالت میں مقدمہ کی سماعت 20-09-2025 کو ہوئی اور فریقین کو نوٹس جاری کیا گیا سول جج کراچی ایسٹ 8:30 بجے حاضر ہوں بصورت دیگر یکطرفہ کارروائی عمل میں لائی جائے گی درخواست گزار نے بیان دیا کہ عدالت میں مقدمہ کی سماعت 20-09-2025 کو ہوئی اور فریقین کو نوٹس جاری کیا گیا سول جج کراچی ایسٹ 8:30 بجے حاضر ہوں بصورت دیگر یکطرفہ کارروائی عمل میں لائی جائے گی درخواست گزار نے بیان دیا کہ عدالت میں مقدمہ کی سماعت 20-09-2025 کو ہوئی اور فریقین کو نوٹس جاری کیا گیا سول جج کراچی ایسٹ 8:30 بجے حاضر ہوں بصورت دیگر یکطرفہ کارروائی عمل میں لائی جائے گی درخواست گزار نے بیان دیا کہ عدالت میں مقدمہ کی سماعت 20-09-2025 کو ہوئی اور فریقین کو نوٹس جاری کیا گیا سول جج کراچی ایسٹ 8:30 بجے حاضر ہوں بصورت دیگر یکطرفہ کارروائی عمل میں لائی جائے گی درخواست گزار نے بیان دیا کہ عدالت میں مقدمہ کی سماعت 20-09-2025 کو ہوئی اور فریقین کو نوٹس جاری کیا گیا سول جج کراچی ایسٹ 8:30 بجے حاضر ہوں بصورت دیگر یکطرفہ کارروائی عمل میں لائی جائے گی درخواست گزار نے بیان دیا کہ عدالت میں مقدمہ کی سماعت 20-09-2025 کو ہوئی اور فریقین کو نوٹس جاری کیا گیا سول جج کراچی ایسٹ 8:30 بجے حاضر ہوں بصورت دیگر یکطرفہ کارروائی عمل میں لائی جائے گی درخواست گزار نے بیان دیا کہ عدالت میں مقدمہ کی سماعت 20-09-2025 کو ہوئی اور فریقین کو نوٹس جاری کیا گیا سول جج کراچی ایسٹ 8:30 بجے حاضر ہوں بصورت دیگر یکطرفہ کارروائی عمل میں لائی جائے گی درخواست گزار نے بیان دیا کہ عدالت میں مقدمہ کی سماعت 20-09-2025 کو ہوئی اور فریقین کو نوٹس جاری کیا گیا سول جج کراچی ایسٹ 8:30 بجے حاضر ہوں بصورت دیگر یکطرفہ کارروائی عمل میں لائی جائے گی درخواست گزار نے بیان دیا کہ عدالت میں مقدمہ کی سماعت 20-09-2025 کو ہوئی اور فریقین کو نوٹس جاری کیا گیا سول جج کراچی ایسٹ 8:30 بجے حاضر ہوں بصورت دیگر یکطرفہ کارروائی عمل میں لائی جائے گی درخواست گزار نے بیان دیا کہ عدالت میں مقدمہ کی سماعت 20-09-2025 کو ہوئی اور فریقین کو نوٹس جاری کیا گیا سول جج کراچی ایسٹ 8:30 بجے حاضر ہوں بصورت دیگر یکطرفہ کارروائی عمل میں لائی جائے گی درخواست گزار نے بیان دیا کہ عدالت میں مقدمہ کی سماعت 20-09-2025 کو ہوئی اور فریقین کو نوٹس جاری کیا گیا سول جج کراچی ایسٹ 8:30 بجے حاضر ہوں بصورت دیگر یکطرفہ کارروائی عمل میں لائی جائے گی درخواست گزار نے بیان دیا کہ عدالت میں مقدمہ کی سماعت 20-09-2025 کو ہوئی اور فریقین کو نوٹس جاری کیا گیا سول جج کراچی ایسٹ 8:30 بجے حاضر ہوں بصورت دیگر یکطرفہ کارروائی عمل میں لائی جائے گی درخواست گزار نے بیان دیا کہ عدالت میں مقدمہ کی سماعت 20-09-2025 کو ہوئی اور فریقین کو نوٹس جاری کیا گیا سول جج کراچی ایسٹ 8:30 بجے حاضر ہوں بصورت دیگر یکطرفہ کارروائی عمل میں لائی جائے گی درخواست گزار نے بیان دیا کہ عدالت میں مقدمہ کی سماعت 20-09-2025 کو ہوئی اور فریقین کو نوٹس جاری کیا گیا سول جج کراچی ایسٹ 8:30 بجے حاضر ہوں بصورت دیگر یکطرفہ کارروائی عمل میں لائی جائے گی درخواست گزار نے بیان دیا کہ عدالت میں مقدمہ کی سماعت 20-09-2025 کو ہوئی اور فریقین کو نوٹس جاری کیا گیا سول جج کراچی ایسٹ 8:30 بجے حاضر ہوں بصورت دیگر یکطرفہ کارروائی عمل میں لائی جائے گی درخواست گزار نے بیان دیا کہ عدالت میں مقدمہ کی سماعت 20-09-2025 کو ہوئی اور فریقین کو نوٹس جاری کیا گیا سول جج کراچی ایسٹ 8:30 بجے حاضر ہوں بصورت دیگر یکطرفہ کارروائی عمل میں لائی جائے گی درخواست گزار نے بیان دیا کہ عدالت میں مقدمہ کی سماعت 20-09-2025 کو ہوئی اور فریقین کو نوٹس جاری کیا گیا سول جج کراچی ایسٹ 8:30 بجے حاضر ہوں بصورت دیگر یکطرفہ کارروائی عمل میں لائی جائے گی درخواست گزار نے بیان دیا کہ عدالت میں مقدمہ کی سماعت 20-09-2025 کو ہوئی اور فریقین کو نوٹس جاری کیا گیا سول جج کراچی ایسٹ 8:30 بجے حاضر ہوں بصورت دیگر یکطرفہ کارروائی عمل میں لائی جائے گی درخواست گزار نے بیان دیا کہ عدالت میں مقدمہ کی سماعت 20-09-2025 کو ہوئی اور فریقین کو نوٹس جاری کیا گیا سول جج کراچی ایسٹ 8:30 بجے حاضر ہوں بصورت دیگر یکطرفہ کارروائی عمل میں لائی جائے گی درخواست گزار نے بیان دیا کہ عدالت میں مقدمہ کی سماعت 20-09-2025 کو ہوئی اور فریقین کو نوٹس جاری کیا گیا سول جج کراچی ایسٹ 8:30 بجے حاضر ہوں بصورت دیگر یکطرفہ کارروائی عمل میں لائی جائے گی درخواست گزار نے بیان دیا کہ عدالت میں مقدمہ کی سماعت 20-09-2025 کو ہوئی اور فریقین کو نوٹس جاری کیا گیا سول جج کراچی ایسٹ 8:30 بجے حاضر ہوں بصورت دیگر یکطرفہ کارروائی عمل میں لائی جائے گی درخواست گزار نے بیان دیا کہ عدالت میں مقدمہ کی سماعت 20-09-2025 کو ہوئی اور فریقین کو نوٹس جاری کیا گیا سول جج کراچی ایسٹ 8:30 بجے حاضر ہوں بصورت دیگر یکطرفہ کارروائی عمل میں لائی جائے گی درخواست گزار نے بیان دیا کہ
مختصر اشتہارات
شرح ۱۰۰ روپے فی سطر
اشتہارات کی بکنگ کیلئے رابطہ کریں
021-35655270,71,72
نمبر 32
خبر
عدالت میں مقدمہ کی سماعت 20-09-2025 کو ہوئی اور فریقین کو نوٹس جاری کیا گیا سول جج کراچی ایسٹ 8:30 بجے حاضر ہوں بصورت دیگر یکطرفہ کارروائی عمل میں لائی جائے گی درخواست گزار نے بیان دیا کہ عدالت میں مقدمہ کی سماعت 20-09-2025 کو ہوئی اور فریقین کو نوٹس جاری کیا گیا سول جج کراچی ایسٹ 8:30 بجے حاضر ہوں بصورت دیگر یکطرفہ کارروائی عمل میں لائی جائے گی درخواست گزار نے بیان دیا کہ عدالت میں مقدمہ کی سماعت 20-09-2025 کو ہوئی اور فریقین کو نوٹس جاری کیا گیا سول جج کراچی ایسٹ 8:30 بجے حاضر ہوں بصورت دیگر یکطرفہ کارروائی عمل میں لائی جائے گی درخواست گزار نے بیان دیا کہ عدالت میں مقدمہ کی سماعت 20-09-2025 کو ہوئی اور فریقین کو نوٹس جاری کیا گیا سول جج کراچی ایسٹ 8:30 بجے حاضر ہوں بصورت دیگر یکطرفہ کارروائی عمل میں لائی جائے گی درخواست گزار نے بیان دیا کہ عدالت میں مقدمہ کی سماعت 20-09-2025 کو ہوئی اور فریقین کو نوٹس جاری کیا گیا سول جج کراچی ایسٹ 8:30 بجے حاضر ہوں بصورت دیگر یکطرفہ کارروائی عمل میں لائی جائے گی درخواست گزار نے بیان دیا کہ عدالت میں مقدمہ کی سماعت 20-09-2025 کو ہوئی اور فریقین کو نوٹس جاری کیا گیا سول جج کراچی ایسٹ 8:30 بجے حاضر ہوں بصورت دیگر یکطرفہ کارروائی عمل میں لائی جائے گی درخواست گزار نے بیان دیا کہ عدالت میں مقدمہ کی سماعت 20-09-2025 کو ہوئی اور فریقین کو نوٹس جاری کیا گیا سول جج کراچی ایسٹ 8:30 بجے حاضر ہوں بصورت دیگر یکطرفہ کارروائی عمل میں لائی جائے گی درخواست گزار نے بیان دیا کہ عدالت میں مقدمہ کی سماعت 20-09-2025 کو ہوئی اور فریقین کو نوٹس جاری کیا گیا سول جج کراچی ایسٹ 8:30 بجے حاضر ہوں بصورت دیگر یکطرفہ کارروائی عمل میں لائی جائے گی درخواست گزار نے بیان دیا کہ عدالت میں مقدمہ کی سماعت 20-09-2025 کو ہوئی اور فریقین کو نوٹس جاری کیا گیا سول جج کراچی ایسٹ 8:30 بجے حاضر ہوں بصورت دیگر یکطرفہ کارروائی عمل میں لائی جائے گی درخواست گزار نے بیان دیا کہ عدالت میں مقدمہ کی سماعت 20-09-2025 کو ہوئی اور فریقین کو نوٹس جاری کیا گیا سول جج کراچی ایسٹ 8:30 بجے حاضر ہوں بصورت دیگر یکطرفہ کارروائی عمل میں لائی جائے گی درخواست گزار نے بیان دیا کہ عدالت میں مقدمہ کی سماعت 20-09-2025 کو ہوئی اور فریقین کو نوٹس جاری کیا گیا سول جج کراچی ایسٹ 8:30 بجے حاضر ہوں بصورت دیگر یکطرفہ کارروائی عمل میں لائی جائے گی درخواست گزار نے بیان دیا کہ عدالت میں مقدمہ کی سماعت 20-09-2025 کو ہوئی اور فریقین کو نوٹس جاری کیا گیا سول جج کراچی ایسٹ 8:30 بجے حاضر ہوں بصورت دیگر یکطرفہ کارروائی عمل میں لائی جائے گی درخواست گزار نے بیان دیا کہ عدالت میں مقدمہ کی سماعت 20-09-2025 کو ہوئی اور فریقین کو نوٹس جاری کیا گیا سول جج کراچی ایسٹ 8:30 بجے حاضر ہوں بصورت دیگر یکطرفہ کارروائی عمل میں لائی جائے گی درخواست گزار نے بیان دیا کہ عدالت میں مقدمہ کی سماعت 20-09-2025 کو ہوئی اور فریقین کو نوٹس جاری کیا گیا سول جج کراچی ایسٹ 8:30 بجے حاضر ہوں بصورت دیگر یکطرفہ کارروائی عمل میں لائی جائے گی درخواست گزار نے بیان دیا کہ عدالت میں مقدمہ کی سماعت 20-09-2025 کو ہوئی اور فریقین کو نوٹس جاری کیا گیا سول جج کراچی ایسٹ 8:30 بجے حاضر ہوں بصورت دیگر یکطرفہ کارروائی عمل میں لائی جائے گی درخواست گزار نے بیان دیا کہ عدالت میں مقدمہ کی سماعت 20-09-2025 کو ہوئی اور فریقین کو نوٹس جاری کیا گیا سول جج کراچی ایسٹ 8:30 بجے حاضر ہوں بصورت دیگر یکطرفہ کارروائی عمل میں لائی جائے گی درخواست گزار نے بیان دیا کہ عدالت میں مقدمہ کی سماعت 20-09-2025 کو ہوئی اور فریقین کو نوٹس جاری کیا گیا سول جج کراچی ایسٹ 8:30 بجے حاضر ہوں بصورت دیگر یکطرفہ کارروائی عمل میں لائی جائے گی درخواست گزار نے بیان دیا کہ عدالت میں مقدمہ کی سماعت 20-09-2025 کو ہوئی اور فریقین کو نوٹس جاری کیا گیا سول جج کراچی ایسٹ 8:30 بجے حاضر ہوں بصورت دیگر یکطرفہ کارروائی عمل میں لائی جائے گی درخواست گزار نے بیان دیا کہ عدالت میں مقدمہ کی سماعت 20-09-2025 کو ہوئی اور فریقین کو نوٹس جاری کیا گیا سول جج کراچی ایسٹ 8:30 بجے حاضر ہوں بصورت دیگر یکطرفہ کارروائی عمل میں لائی جائے گی درخواست گزار نے بیان دیا کہ عدالت میں مقدمہ کی سماعت 20-09-2025 کو ہوئی اور فریقین کو نوٹس جاری کیا گیا سول جج کراچی ایسٹ 8:30 بجے حاضر ہوں بصورت دیگر یکطرفہ کارروائی عمل میں لائی جائے گی درخواست گزار نے بیان دیا کہ عدالت میں مقدمہ کی سماعت 20-09-2025 کو ہوئی اور فریقین کو نوٹس جاری کیا گیا سول جج کراچی ایسٹ 8:30 بجے حاضر ہوں بصورت دیگر یکطرفہ کارروائی عمل میں لائی جائے گی درخواست گزار نے بیان دیا کہ عدالت میں مقدمہ کی سماعت 20-09-2025 کو ہوئی اور فریقین کو نوٹس جاری کیا گیا سول جج کراچی ایسٹ 8:30 بجے حاضر ہوں بصورت دیگر یکطرفہ کارروائی عمل میں لائی جائے گی درخواست گزار نے بیان دیا کہ عدالت میں مقدمہ کی سماعت 20-09-2025 کو ہوئی اور فریقین کو نوٹس جاری کیا گیا سول جج کراچی ایسٹ 8:30 بجے حاضر ہوں بصورت دیگر یکطرفہ کارروائی عمل میں لائی جائے گی درخواست گزار نے بیان دیا کہ عدالت میں مقدمہ کی سماعت 20-09-2025 کو ہوئی اور فریقین کو نوٹس جاری کیا گیا سول جج کراچی ایسٹ 8:30 بجے حاضر ہوں بصورت دیگر یکطرفہ کارروائی عمل میں لائی جائے گی درخواست گزار نے بیان دیا کہ عدالت میں مقدمہ کی سماعت 20-09-2025 کو ہوئی اور فریقین کو نوٹس جاری کیا گیا سول جج کراچی ایسٹ 8:30 بجے حاضر ہوں بصورت دیگر یکطرفہ کارروائی عمل میں لائی جائے گی درخواست گزار نے بیان دیا کہ عدالت میں مقدمہ کی سماعت 20-09-2025 کو ہوئی اور فریقین کو نوٹس جاری کیا گیا سول جج کراچی ایسٹ 8:30 بجے حاضر ہوں بصورت دیگر یکطرفہ کارروائی عمل میں لائی جائے گی درخواست گزار نے بیان دیا کہ عدالت میں مقدمہ کی سماعت 20-09-2025 کو ہوئی اور فریقین کو نوٹس جاری کیا گیا سول جج کراچی ایسٹ 8:30 بجے حاضر ہوں بصورت دیگر یکطرفہ کارروائی عمل میں لائی جائے گی درخواست گزار نے بیان دیا کہ عدالت میں مقدمہ کی سماعت 20-09-2025 کو ہوئی اور فریقین کو نوٹس جاری کیا گیا سول جج کراچی ایسٹ 8:30 بجے حاضر ہوں بصورت دیگر یکطرفہ کارروائی عمل میں لائی جائے گی درخواست گزار نے بیان دیا کہ
عدالت میں مقدمہ کی سماعت 20-09-2025 کو ہوئی اور فریقین کو نوٹس جاری کیا گیا سول جج کراچی ایسٹ 8:30 بجے حاضر ہوں بصورت دیگر یکطرفہ کارروائی عمل میں لائی جائے گی درخواست گزار نے بیان دیا کہ عدالت میں مقدمہ کی سماعت 20-09-2025 کو ہوئی اور فریقین کو نوٹس جاری کیا گیا سول جج کراچی ایسٹ 8:30 بجے حاضر ہوں بصورت دیگر یکطرفہ کارروائی عمل میں لائی جائے گی درخواست گزار نے بیان دیا کہ عدالت میں مقدمہ کی سماعت 20-09-2025 کو ہوئی اور فریقین کو نوٹس جاری کیا گیا سول جج کراچی ایسٹ 8:30 بجے حاضر ہوں بصورت دیگر یکطرفہ کارروائی عمل میں لائی جائے گی درخواست گزار نے بیان دیا کہ عدالت میں مقدمہ کی سماعت 20-09-2025 کو ہوئی اور فریقین کو نوٹس جاری کیا گیا سول جج کراچی ایسٹ 8:30 بجے حاضر ہوں بصورت دیگر یکطرفہ کارروائی عمل میں لائی جائے گی درخواست گزار نے بیان دیا کہ عدالت میں مقدمہ کی سماعت 20-09-2025 کو ہوئی اور فریقین کو نوٹس جاری کیا گیا سول جج کراچی ایسٹ 8:30 بجے حاضر ہوں بصورت دیگر یکطرفہ کارروائی عمل میں لائی جائے گی درخواست گزار نے بیان دیا کہ
Crown-13
عدالت میں مقدمہ کی سماعت 20-09-2025 کو ہوئی اور فریقین کو نوٹس جاری کیا گیا سول جج کراچی ایسٹ 8:30 بجے حاضر ہوں بصورت دیگر یکطرفہ کارروائی عمل میں لائی جائے گی درخواست گزار نے بیان دیا کہ عدالت میں مقدمہ کی سماعت 20-09-2025 کو ہوئی اور فریقین کو نوٹس جاری کیا گیا سول جج کراچی ایسٹ 8:30 بجے حاضر ہوں بصورت دیگر یکطرفہ کارروائی عمل میں لائی جائے گی درخواست گزار نے بیان دیا کہ عدالت میں مقدمہ کی سماعت 20-09-2025 کو ہوئی اور فریقین کو نوٹس جاری کیا گیا سول جج کراچی ایسٹ 8:30 بجے حاضر ہوں بصورت دیگر یکطرفہ کارروائی عمل میں لائی جائے گی درخواست گزار نے بیان دیا کہ عدالت میں مقدمہ کی سماعت 20-09-2025 کو ہوئی اور فریقین کو نوٹس جاری کیا گیا سول جج کراچی ایسٹ 8:30 بجے حاضر ہوں بصورت دیگر یکطرفہ کارروائی عمل میں لائی جائے گی درخواست گزار نے بیان دیا کہ عدالت میں مقدمہ کی سماعت 20-09-2025 کو ہوئی اور فریقین کو نوٹس جاری کیا گیا سول جج کراچی ایسٹ 8:30 بجے حاضر ہوں بصورت دیگر یکطرفہ کارروائی عمل میں لائی جائے گی درخواست گزار نے بیان دیا کہ
Crown-15
عدالت میں مقدمہ کی سماعت 20-09-2025 کو ہوئی اور فریقین کو نوٹس جاری کیا گیا سول جج کراچی ایسٹ 8:30 بجے حاضر ہوں بصورت دیگر یکطرفہ کارروائی عمل میں لائی جائے گی درخواست گزار نے بیان دیا کہ عدالت میں مقدمہ کی سماعت 20-09-2025 کو ہوئی اور فریقین کو نوٹس جاری کیا گیا سول جج کراچی ایسٹ 8:30 بجے حاضر ہوں بصورت دیگر یکطرفہ کارروائی عمل میں لائی جائے گی درخواست گزار نے بیان دیا کہ عدالت میں مقدمہ کی سماعت 20-09-2025 کو ہوئی اور فریقین کو نوٹس جاری کیا گیا سول جج کراچی ایسٹ 8:30 بجے حاضر ہوں بصورت دیگر یکطرفہ کارروائی عمل میں لائی جائے گی درخواست گزار نے بیان دیا کہ عدالت میں مقدمہ کی سماعت 20-09-2025 کو ہوئی اور فریقین کو نوٹس جاری کیا گیا سول جج کراچی ایسٹ 8:30 بجے حاضر ہوں بصورت دیگر یکطرفہ کارروائی عمل میں لائی جائے گی درخواست گزار نے بیان دیا کہ عدالت میں مقدمہ کی سماعت 20-09-2025 کو ہوئی اور فریقین کو نوٹس جاری کیا گیا سول جج کراچی ایسٹ 8:30 بجے حاضر ہوں بصورت دیگر یکطرفہ کارروائی عمل میں لائی جائے گی درخواست گزار نے بیان دیا کہ
Crown-18
عدالت میں مقدمہ کی سماعت 20-09-2025 کو ہوئی اور فریقین کو نوٹس جاری کیا گیا سول جج کراچی ایسٹ 8:30 بجے حاضر ہوں بصورت دیگر یکطرفہ کارروائی عمل میں لائی جائے گی درخواست گزار نے بیان دیا کہ عدالت میں مقدمہ کی سماعت 20-09-2025 کو ہوئی اور فریقین کو نوٹس جاری کیا گیا سول جج کراچی ایسٹ 8:30 بجے حاضر ہوں بصورت دیگر یکطرفہ کارروائی عمل میں لائی جائے گی درخواست گزار نے بیان دیا کہ عدالت میں مقدمہ کی سماعت 20-09-2025 کو ہوئی اور فریقین کو نوٹس جاری کیا گیا سول جج کراچی ایسٹ 8:30 بجے حاضر ہوں بصورت دیگر یکطرفہ کارروائی عمل میں لائی جائے گی درخواست گزار نے بیان دیا کہ عدالت میں مقدمہ کی سماعت 20-09-2025 کو ہوئی اور فریقین کو نوٹس جاری کیا گیا سول جج کراچی ایسٹ 8:30 بجے حاضر ہوں بصورت دیگر یکطرفہ کارروائی عمل میں لائی جائے گی درخواست گزار نے بیان دیا کہ عدالت میں مقدمہ کی سماعت 20-09-2025 کو ہوئی اور فریقین کو نوٹس جاری کیا گیا سول جج کراچی ایسٹ 8:30 بجے حاضر ہوں بصورت دیگر یکطرفہ کارروائی عمل میں لائی جائے گی درخواست گزار نے بیان دیا کہ
Crown-24
کورٹ نوٹس
عدالت میں مقدمہ کی سماعت 20-09-2025 کو ہوئی اور فریقین کو نوٹس جاری کیا گیا سول جج کراچی ایسٹ 8:30 بجے حاضر ہوں بصورت دیگر یکطرفہ کارروائی عمل میں لائی جائے گی درخواست گزار نے بیان دیا کہ عدالت میں مقدمہ کی سماعت 20-09-2025 کو ہوئی اور فریقین کو نوٹس جاری کیا گیا سول جج کراچی ایسٹ 8:30 بجے حاضر ہوں بصورت دیگر یکطرفہ کارروائی عمل میں لائی جائے گی درخواست گزار نے بیان دیا کہ عدالت میں مقدمہ کی سماعت 20-09-2025 کو ہوئی اور فریقین کو نوٹس جاری کیا گیا سول جج کراچی ایسٹ 8:30 بجے حاضر ہوں بصورت دیگر یکطرفہ کارروائی عمل میں لائی جائے گی درخواست گزار نے بیان دیا کہ عدالت میں مقدمہ کی سماعت 20-09-2025 کو ہوئی اور فریقین کو نوٹس جاری کیا گیا سول جج کراچی ایسٹ 8:30 بجے حاضر ہوں بصورت دیگر یکطرفہ کارروائی عمل میں لائی جائے گی درخواست گزار نے بیان دیا کہ عدالت میں مقدمہ کی سماعت 20-09-2025 کو ہوئی اور فریقین کو نوٹس جاری کیا گیا سول جج کراچی ایسٹ 8:30 بجے حاضر ہوں بصورت دیگر یکطرفہ کارروائی عمل میں لائی جائے گی درخواست گزار نے بیان دیا کہ
Crown-25
عدالت میں مقدمہ کی سماعت 20-09-2025 کو ہوئی اور فریقین کو نوٹس جاری کیا گیا سول جج کراچی ایسٹ 8:30 بجے حاضر ہوں بصورت دیگر یکطرفہ کارروائی عمل میں لائی جائے گی درخواست گزار نے بیان دیا کہ عدالت میں مقدمہ کی سماعت 20-09-2025 کو ہوئی اور فریقین کو نوٹس جاری کیا گیا سول جج کراچی ایسٹ 8:30 بجے حاضر ہوں بصورت دیگر یکطرفہ کارروائی عمل میں لائی جائے گی درخواست گزار نے بیان دیا کہ عدالت میں مقدمہ کی سماعت 20-09-2025 کو ہوئی اور فریقین کو نوٹس جاری کیا گیا سول جج کراچی ایسٹ 8:30 بجے حاضر ہوں بصورت دیگر یکطرفہ کارروائی عمل میں لائی جائے گی درخواست گزار نے بیان دیا کہ عدالت میں مقدمہ کی سماعت 20-09-2025 کو ہوئی اور فریقین کو نوٹس جاری کیا گیا سول جج کراچی ایسٹ 8:30 بجے حاضر ہوں بصورت دیگر یکطرفہ کارروائی عمل میں لائی جائے گی درخواست گزار نے بیان دیا کہ عدالت میں مقدمہ کی سماعت 20-09-2025 کو ہوئی اور فریقین کو نوٹس جاری کیا گیا سول جج کراچی ایسٹ 8:30 بجے حاضر ہوں بصورت دیگر یکطرفہ کارروائی عمل میں لائی جائے گی درخواست گزار نے بیان دیا کہ
Crown-26
عدالت میں مقدمہ کی سماعت 20-09-2025 کو ہوئی اور فریقین کو نوٹس جاری کیا گیا سول جج کراچی ایسٹ 8:30 بجے حاضر ہوں بصورت دیگر یکطرفہ کارروائی عمل میں لائی جائے گی درخواست گزار نے بیان دیا کہ عدالت میں مقدمہ کی سماعت 20-09-2025 کو ہوئی اور فریقین کو نوٹس جاری کیا گیا سول جج کراچی ایسٹ 8:30 بجے حاضر ہوں بصورت دیگر یکطرفہ کارروائی عمل میں لائی جائے گی درخواست گزار نے بیان دیا کہ عدالت میں مقدمہ کی سماعت 20-09-2025 کو ہوئی اور فریقین کو نوٹس جاری کیا گیا سول جج کراچی ایسٹ 8:30 بجے حاضر ہوں بصورت دیگر یکطرفہ کارروائی عمل میں لائی جائے گی درخواست گزار نے بیان دیا کہ عدالت میں مقدمہ کی سماعت 20-09-2025 کو ہوئی اور فریقین کو نوٹس جاری کیا گیا سول جج کراچی ایسٹ 8:30 بجے حاضر ہوں بصورت دیگر یکطرفہ کارروائی عمل میں لائی جائے گی درخواست گزار نے بیان دیا کہ عدالت میں مقدمہ کی سماعت 20-09-2025 کو ہوئی اور فریقین کو نوٹس جاری کیا گیا سول جج کراچی ایسٹ 8:30 بجے حاضر ہوں بصورت دیگر یکطرفہ کارروائی عمل میں لائی جائے گی درخواست گزار نے بیان دیا کہ
Crown-29
عدالت میں مقدمہ کی سماعت 20-09-2025 کو ہوئی اور فریقین کو نوٹس جاری کیا گیا سول جج کراچی ایسٹ 8:30 بجے حاضر ہوں بصورت دیگر یکطرفہ کارروائی عمل میں لائی جائے گی درخواست گزار نے بیان دیا کہ عدالت میں مقدمہ کی سماعت 20-09-2025 کو ہوئی اور فریقین کو نوٹس جاری کیا گیا سول جج کراچی ایسٹ 8:30 بجے حاضر ہوں بصورت دیگر یکطرفہ کارروائی عمل میں لائی جائے گی درخواست گزار نے بیان دیا کہ عدالت میں مقدمہ کی سماعت 20-09-2025 کو ہوئی اور فریقین کو نوٹس جاری کیا گیا سول جج کراچی ایسٹ 8:30 بجے حاضر ہوں بصورت دیگر یکطرفہ کارروائی عمل میں لائی جائے گی درخواست گزار نے بیان دیا کہ عدالت میں مقدمہ کی سماعت 20-09-2025 کو ہوئی اور فریقین کو نوٹس جاری کیا گیا سول جج کراچی ایسٹ 8:30 بجے حاضر ہوں بصورت دیگر یکطرفہ کارروائی عمل میں لائی جائے گی درخواست گزار نے بیان دیا کہ عدالت میں مقدمہ کی سماعت 20-09-2025 کو ہوئی اور فریقین کو نوٹس جاری کیا گیا سول جج کراچی ایسٹ 8:30 بجے حاضر ہوں بصورت دیگر یکطرفہ کارروائی عمل میں لائی جائے گی درخواست گزار نے بیان دیا کہ
Crown-4
